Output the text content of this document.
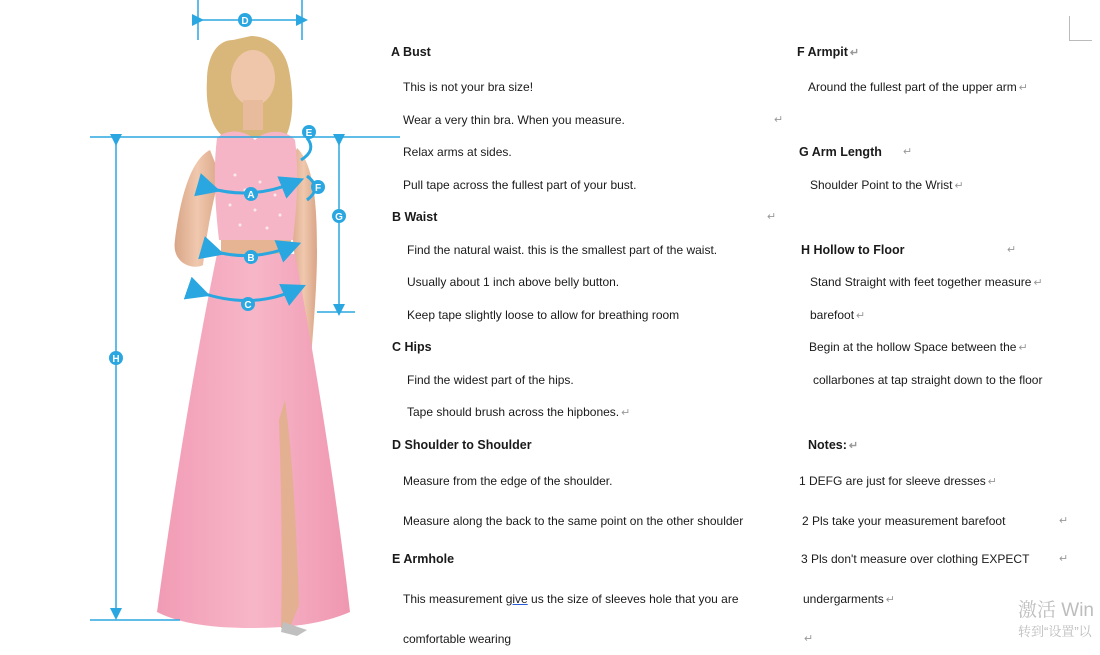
D
E
F
G
A
B
C
H
A Bust
This is not your bra size!
Wear a very thin bra. When you measure.	↵
Relax arms at sides.
Pull tape across the fullest part of your bust.
B Waist	↵
Find the natural waist. this is the smallest part of the waist.
Usually about 1 inch above belly button.
Keep tape slightly loose to allow for breathing room
C Hips
Find the widest part of the hips.
Tape should brush across the hipbones. ↵
D Shoulder to Shoulder
Measure from the edge of the shoulder.
Measure along the back to the same point on the other shoulder
E Armhole
This measurement give us the size of sleeves hole that you are
comfortable wearing
F Armpit ↵
Around the fullest part of the upper arm ↵
G Arm Length ↵
Shoulder Point to the Wrist ↵
H Hollow to Floor	↵
Stand Straight with feet together measure ↵
barefoot ↵
Begin at the hollow Space between the ↵
collarbones at tap straight down to the floor
Notes: ↵
1 DEFG are just for sleeve dresses ↵
2 Pls take your measurement barefoot	↵
3 Pls don't measure over clothing EXPECT	↵
undergarments ↵
↵
激活 Win
转到“设置”以
